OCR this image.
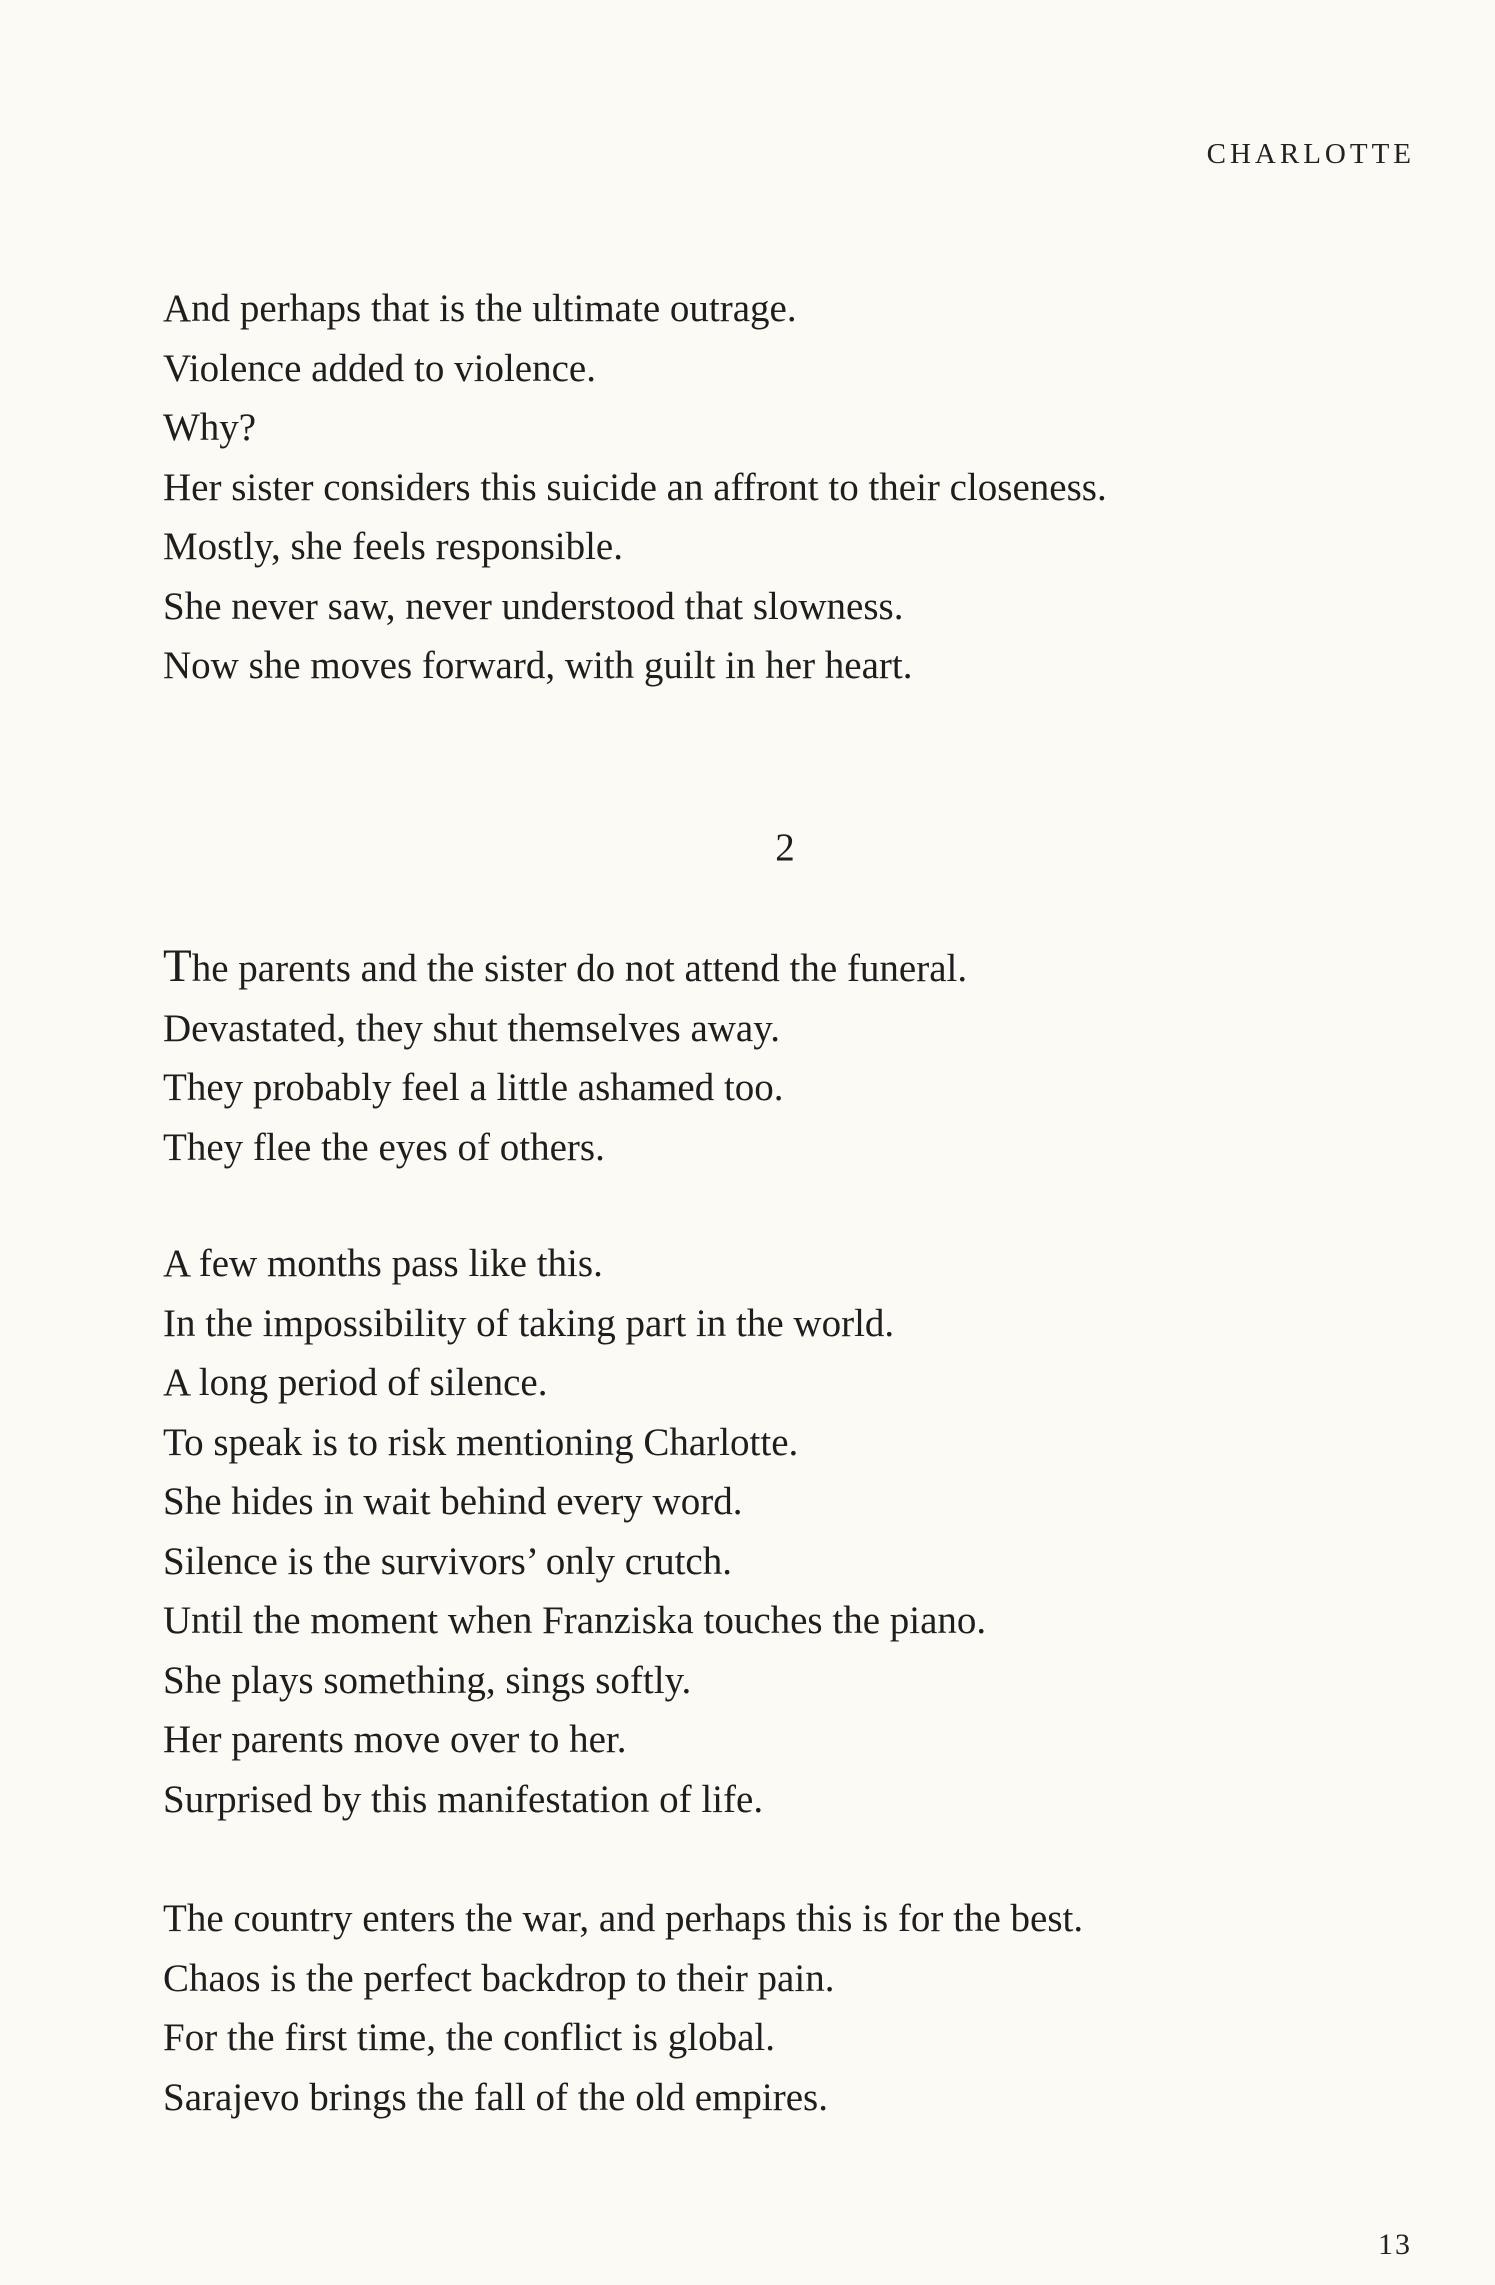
CHARLOTTE
And perhaps that is the ultimate outrage.
Violence added to violence.
Why?
Her sister considers this suicide an affront to their closeness.
Mostly, she feels responsible.
She never saw, never understood that slowness.
Now she moves forward, with guilt in her heart.
2
The parents and the sister do not attend the funeral.
Devastated, they shut themselves away.
They probably feel a little ashamed too.
They flee the eyes of others.
A few months pass like this.
In the impossibility of taking part in the world.
A long period of silence.
To speak is to risk mentioning Charlotte.
She hides in wait behind every word.
Silence is the survivors’ only crutch.
Until the moment when Franziska touches the piano.
She plays something, sings softly.
Her parents move over to her.
Surprised by this manifestation of life.
The country enters the war, and perhaps this is for the best.
Chaos is the perfect backdrop to their pain.
For the first time, the conflict is global.
Sarajevo brings the fall of the old empires.
13
